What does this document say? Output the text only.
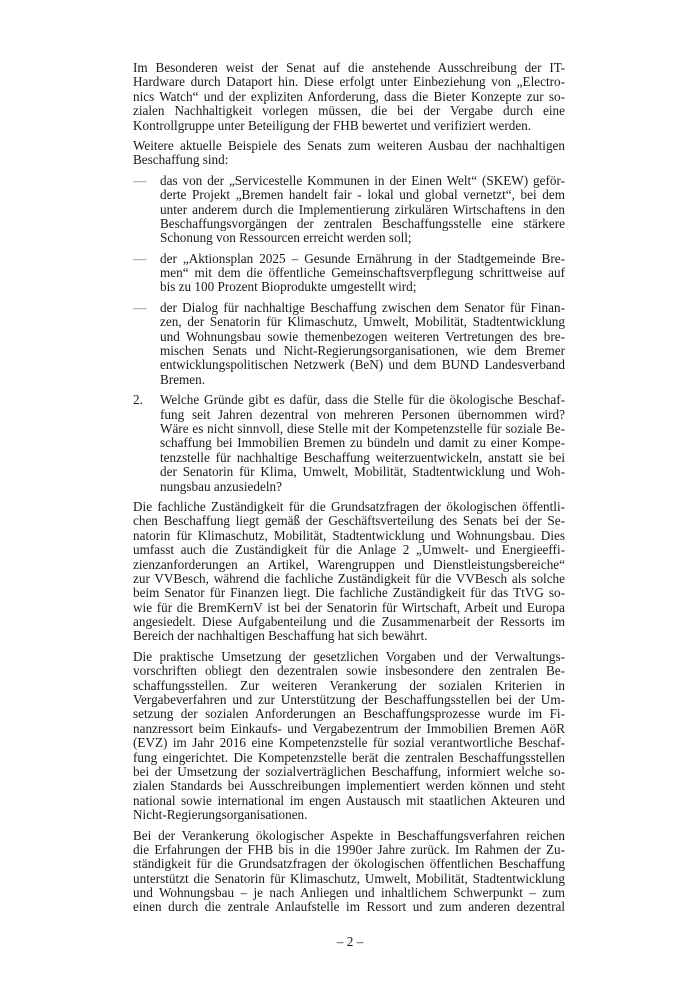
Im Besonderen weist der Senat auf die anstehende Ausschreibung der IT-
Hardware durch Dataport hin. Diese erfolgt unter Einbeziehung von „Electro-
nics Watch“ und der expliziten Anforderung, dass die Bieter Konzepte zur so-
zialen Nachhaltigkeit vorlegen müssen, die bei der Vergabe durch eine
Kontrollgruppe unter Beteiligung der FHB bewertet und verifiziert werden.
Weitere aktuelle Beispiele des Senats zum weiteren Ausbau der nachhaltigen
Beschaffung sind:
— das von der „Servicestelle Kommunen in der Einen Welt“ (SKEW) geför-
derte Projekt „Bremen handelt fair - lokal und global vernetzt“, bei dem
unter anderem durch die Implementierung zirkulären Wirtschaftens in den
Beschaffungsvorgängen der zentralen Beschaffungsstelle eine stärkere
Schonung von Ressourcen erreicht werden soll;
— der „Aktionsplan 2025 – Gesunde Ernährung in der Stadtgemeinde Bre-
men“ mit dem die öffentliche Gemeinschaftsverpflegung schrittweise auf
bis zu 100 Prozent Bioprodukte umgestellt wird;
— der Dialog für nachhaltige Beschaffung zwischen dem Senator für Finan-
zen, der Senatorin für Klimaschutz, Umwelt, Mobilität, Stadtentwicklung
und Wohnungsbau sowie themenbezogen weiteren Vertretungen des bre-
mischen Senats und Nicht-Regierungsorganisationen, wie dem Bremer
entwicklungspolitischen Netzwerk (BeN) und dem BUND Landesverband
Bremen.
2. Welche Gründe gibt es dafür, dass die Stelle für die ökologische Beschaf-
fung seit Jahren dezentral von mehreren Personen übernommen wird?
Wäre es nicht sinnvoll, diese Stelle mit der Kompetenzstelle für soziale Be-
schaffung bei Immobilien Bremen zu bündeln und damit zu einer Kompe-
tenzstelle für nachhaltige Beschaffung weiterzuentwickeln, anstatt sie bei
der Senatorin für Klima, Umwelt, Mobilität, Stadtentwicklung und Woh-
nungsbau anzusiedeln?
Die fachliche Zuständigkeit für die Grundsatzfragen der ökologischen öffentli-
chen Beschaffung liegt gemäß der Geschäftsverteilung des Senats bei der Se-
natorin für Klimaschutz, Mobilität, Stadtentwicklung und Wohnungsbau. Dies
umfasst auch die Zuständigkeit für die Anlage 2 „Umwelt- und Energieeffi-
zienzanforderungen an Artikel, Warengruppen und Dienstleistungsbereiche“
zur VVBesch, während die fachliche Zuständigkeit für die VVBesch als solche
beim Senator für Finanzen liegt. Die fachliche Zuständigkeit für das TtVG so-
wie für die BremKernV ist bei der Senatorin für Wirtschaft, Arbeit und Europa
angesiedelt. Diese Aufgabenteilung und die Zusammenarbeit der Ressorts im
Bereich der nachhaltigen Beschaffung hat sich bewährt.
Die praktische Umsetzung der gesetzlichen Vorgaben und der Verwaltungs-
vorschriften obliegt den dezentralen sowie insbesondere den zentralen Be-
schaffungsstellen. Zur weiteren Verankerung der sozialen Kriterien in
Vergabeverfahren und zur Unterstützung der Beschaffungsstellen bei der Um-
setzung der sozialen Anforderungen an Beschaffungsprozesse wurde im Fi-
nanzressort beim Einkaufs- und Vergabezentrum der Immobilien Bremen AöR
(EVZ) im Jahr 2016 eine Kompetenzstelle für sozial verantwortliche Beschaf-
fung eingerichtet. Die Kompetenzstelle berät die zentralen Beschaffungsstellen
bei der Umsetzung der sozialverträglichen Beschaffung, informiert welche so-
zialen Standards bei Ausschreibungen implementiert werden können und steht
national sowie international im engen Austausch mit staatlichen Akteuren und
Nicht-Regierungsorganisationen.
Bei der Verankerung ökologischer Aspekte in Beschaffungsverfahren reichen
die Erfahrungen der FHB bis in die 1990er Jahre zurück. Im Rahmen der Zu-
ständigkeit für die Grundsatzfragen der ökologischen öffentlichen Beschaffung
unterstützt die Senatorin für Klimaschutz, Umwelt, Mobilität, Stadtentwicklung
und Wohnungsbau – je nach Anliegen und inhaltlichem Schwerpunkt – zum
einen durch die zentrale Anlaufstelle im Ressort und zum anderen dezentral
– 2 –
